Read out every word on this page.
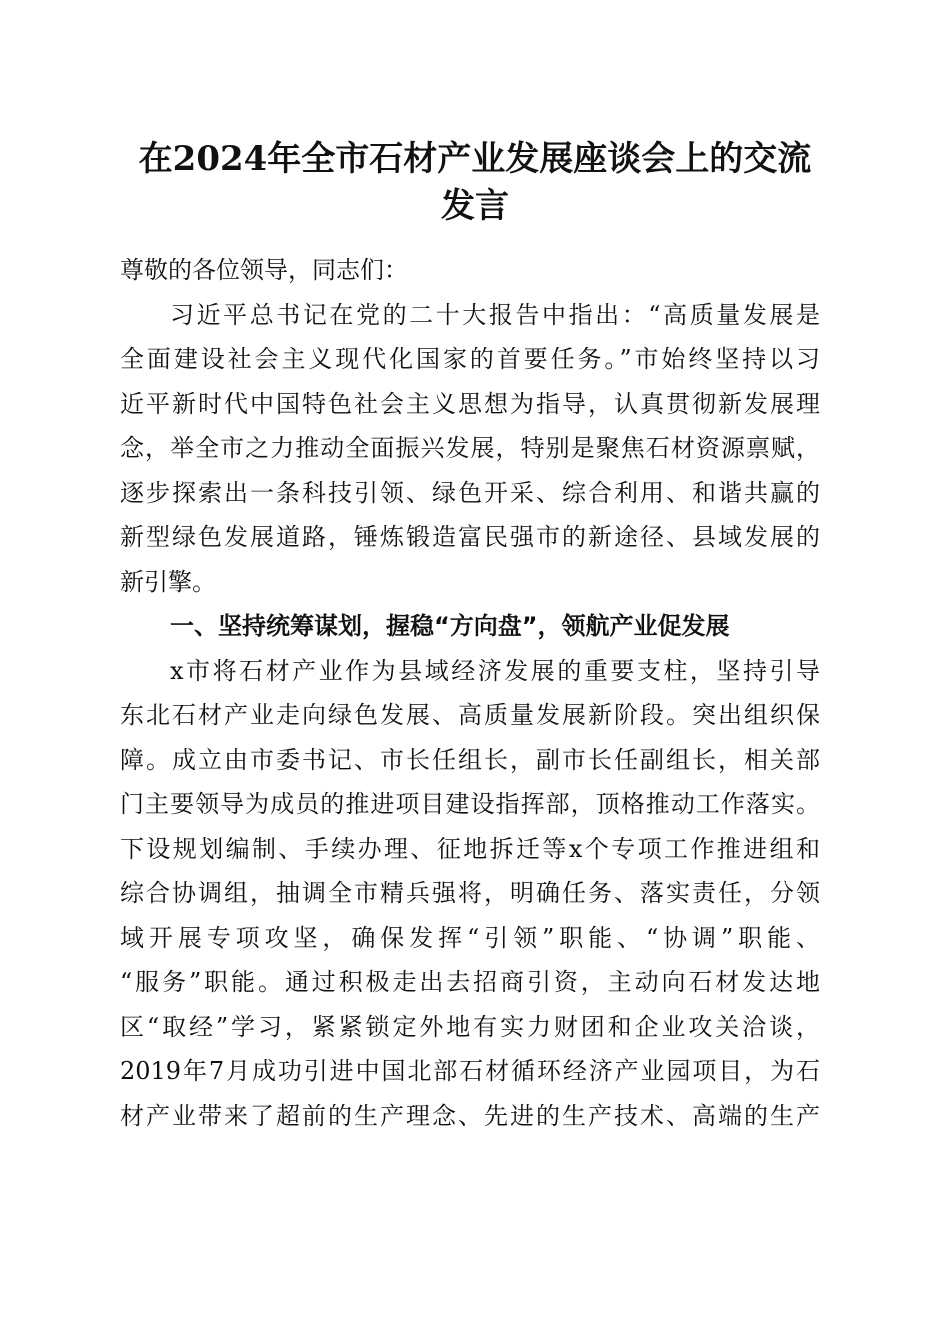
在2024年全市石材产业发展座谈会上的交流
发言
尊敬的各位领导，同志们：
习近平总书记在党的二十大报告中指出：“高质量发展是
全面建设社会主义现代化国家的首要任务。”市始终坚持以习
近平新时代中国特色社会主义思想为指导，认真贯彻新发展理
念，举全市之力推动全面振兴发展，特别是聚焦石材资源禀赋，
逐步探索出一条科技引领、绿色开采、综合利用、和谐共赢的
新型绿色发展道路，锤炼锻造富民强市的新途径、县域发展的
新引擎。
一、坚持统筹谋划，握稳“方向盘”，领航产业促发展
x市将石材产业作为县域经济发展的重要支柱，坚持引导
东北石材产业走向绿色发展、高质量发展新阶段。突出组织保
障。成立由市委书记、市长任组长，副市长任副组长，相关部
门主要领导为成员的推进项目建设指挥部，顶格推动工作落实。
下设规划编制、手续办理、征地拆迁等x个专项工作推进组和
综合协调组，抽调全市精兵强将，明确任务、落实责任，分领
域开展专项攻坚，确保发挥“引领”职能、“协调”职能、
“服务”职能。通过积极走出去招商引资，主动向石材发达地
区“取经”学习，紧紧锁定外地有实力财团和企业攻关洽谈，
2019年7月成功引进中国北部石材循环经济产业园项目，为石
材产业带来了超前的生产理念、先进的生产技术、高端的生产
